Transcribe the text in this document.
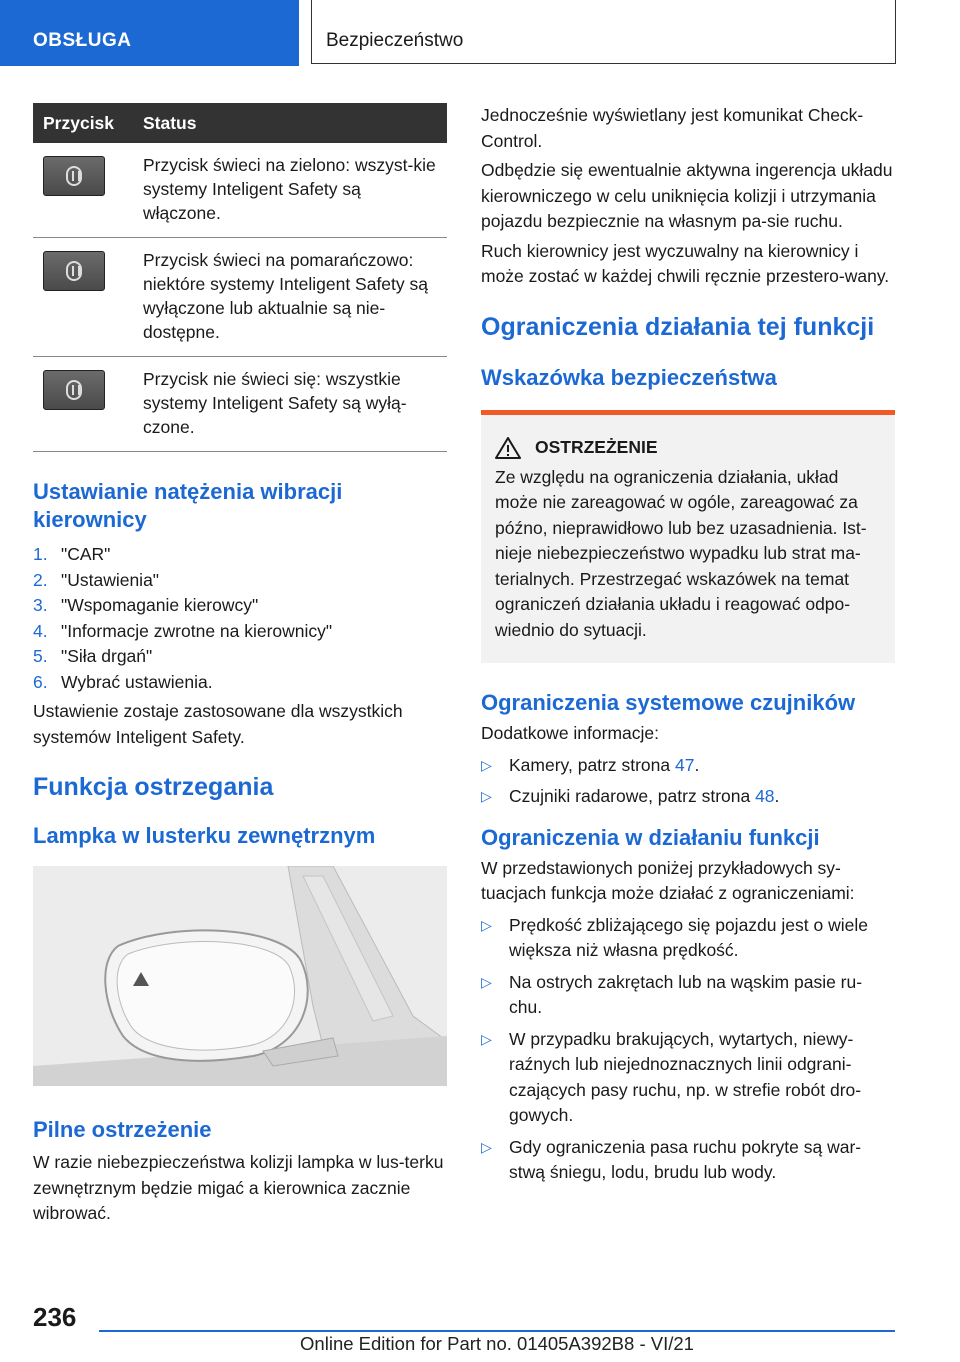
OBSŁUGA	Bezpieczeństwo
Przycisk	Status

	Przycisk świeci na zielono: wszyst-kie systemy Inteligent Safety są włączone.

	Przycisk świeci na pomarańczowo: niektóre systemy Inteligent Safety są wyłączone lub aktualnie są nie-dostępne.

	Przycisk nie świeci się: wszystkie systemy Inteligent Safety są wyłą-czone.
Ustawianie natężenia wibracji kierownicy
1. "CAR"
2. "Ustawienia"
3. "Wspomaganie kierowcy"
4. "Informacje zwrotne na kierownicy"
5. "Siła drgań"
6. Wybrać ustawienia.

Ustawienie zostaje zastosowane dla wszystkich systemów Inteligent Safety.

Funkcja ostrzegania
Lampka w lusterku zewnętrznym
Pilne ostrzeżenie

W razie niebezpieczeństwa kolizji lampka w lus-terku zewnętrznym będzie migać a kierownica zacznie wibrować.

Jednocześnie wyświetlany jest komunikat Check-Control.

Odbędzie się ewentualnie aktywna ingerencja układu kierowniczego w celu uniknięcia kolizji i utrzymania pojazdu bezpiecznie na własnym pa-sie ruchu.

Ruch kierownicy jest wyczuwalny na kierownicy i może zostać w każdej chwili ręcznie przestero-wany.

Ograniczenia działania tej funkcji
Wskazówka bezpieczeństwa
OSTRZEŻENIE

Ze względu na ograniczenia działania, układ może nie zareagować w ogóle, zareagować za późno, nieprawidłowo lub bez uzasadnienia. Ist-nieje niebezpieczeństwo wypadku lub strat ma-terialnych. Przestrzegać wskazówek na temat ograniczeń działania układu i reagować odpo-wiednio do sytuacji.

Ograniczenia systemowe czujników

Dodatkowe informacje:

▷ Kamery, patrz strona 47.
▷ Czujniki radarowe, patrz strona 48.
Ograniczenia w działaniu funkcji

W przedstawionych poniżej przykładowych sy-tuacjach funkcja może działać z ograniczeniami:

▷ Prędkość zbliżającego się pojazdu jest o wiele większa niż własna prędkość.
▷ Na ostrych zakrętach lub na wąskim pasie ru-chu.
▷ W przypadku brakujących, wytartych, niewy-raźnych lub niejednoznacznych linii odgrani-czających pasy ruchu, np. w strefie robót dro-gowych.
▷ Gdy ograniczenia pasa ruchu pokryte są war-stwą śniegu, lodu, brudu lub wody.
236
Online Edition for Part no. 01405A392B8 - VI/21
